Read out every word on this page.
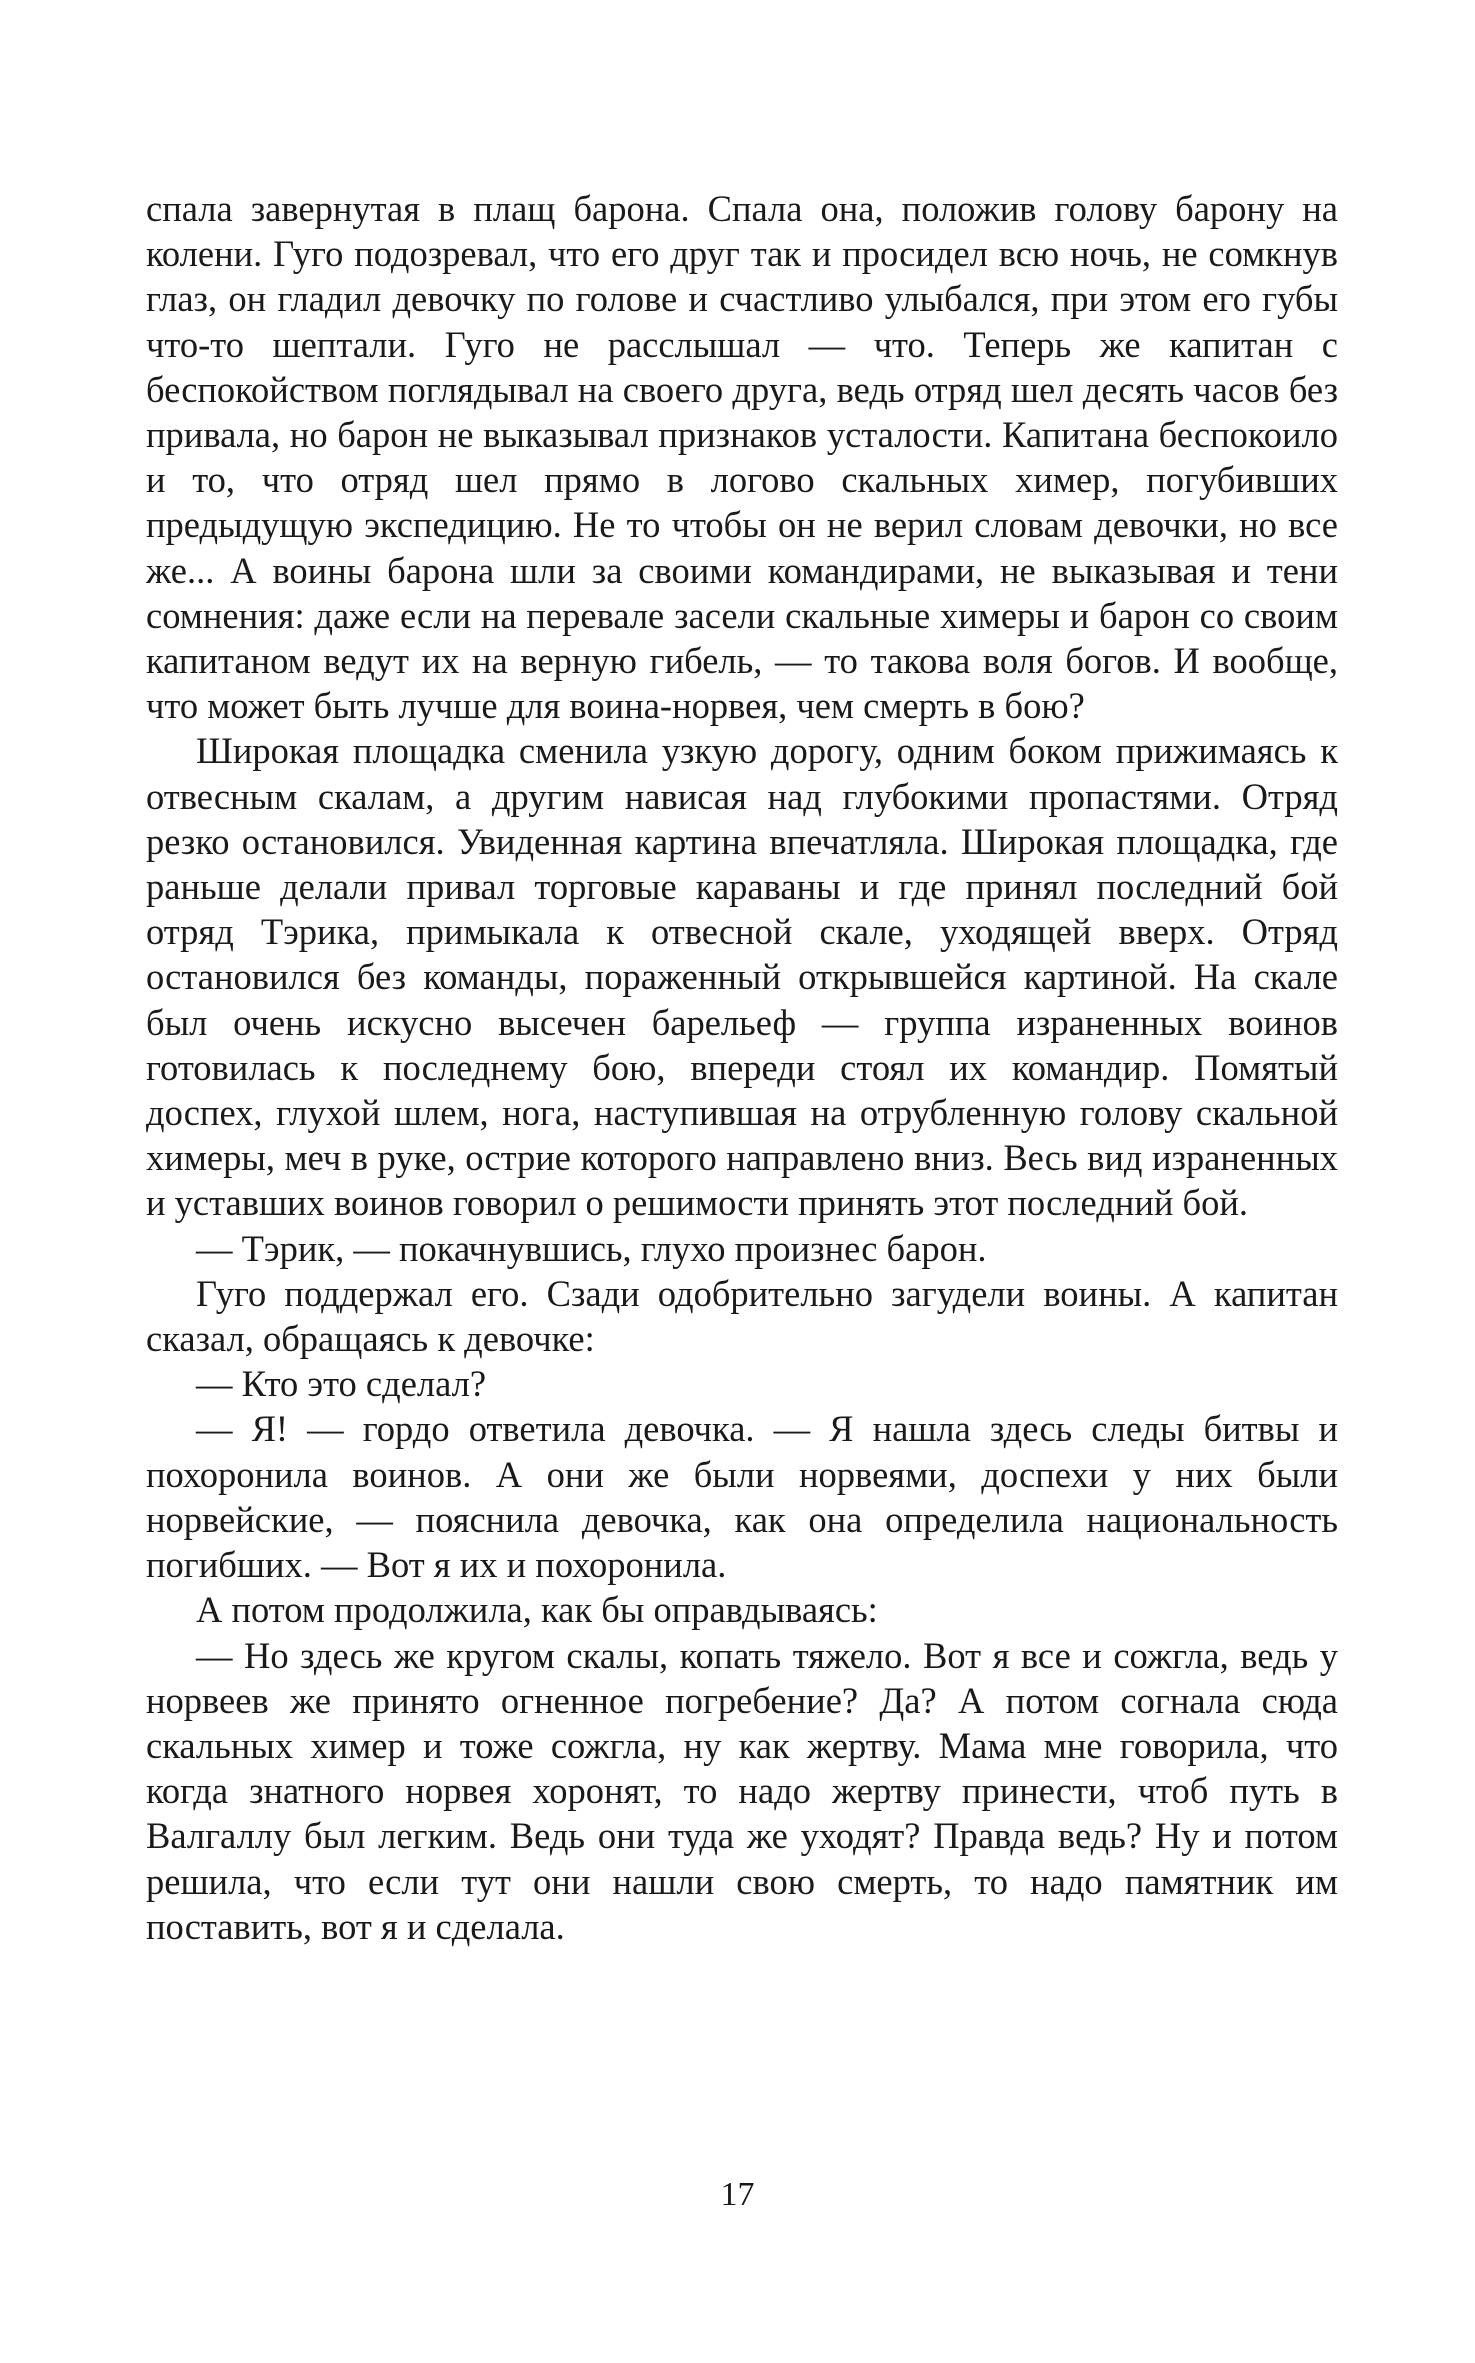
спала завернутая в плащ барона. Спала она, положив голову барону на колени. Гуго подозревал, что его друг так и просидел всю ночь, не сомкнув глаз, он гладил девочку по голове и счастливо улыбался, при этом его губы что-то шептали. Гуго не расслышал — что. Теперь же капитан с беспокойством поглядывал на своего друга, ведь отряд шел десять часов без привала, но барон не выказывал признаков усталости. Капитана беспокоило и то, что отряд шел прямо в логово скальных химер, погубивших предыдущую экспедицию. Не то чтобы он не верил словам девочки, но все же... А воины барона шли за своими командирами, не выказывая и тени сомнения: даже если на перевале засели скальные химеры и барон со своим капитаном ведут их на верную гибель, — то такова воля богов. И вообще, что может быть лучше для воина-норвея, чем смерть в бою?

Широкая площадка сменила узкую дорогу, одним боком прижимаясь к отвесным скалам, а другим нависая над глубокими пропастями. Отряд резко остановился. Увиденная картина впечатляла. Широкая площадка, где раньше делали привал торговые караваны и где принял последний бой отряд Тэрика, примыкала к отвесной скале, уходящей вверх. Отряд остановился без команды, пораженный открывшейся картиной. На скале был очень искусно высечен барельеф — группа израненных воинов готовилась к последнему бою, впереди стоял их командир. Помятый доспех, глухой шлем, нога, наступившая на отрубленную голову скальной химеры, меч в руке, острие которого направлено вниз. Весь вид израненных и уставших воинов говорил о решимости принять этот последний бой.

— Тэрик, — покачнувшись, глухо произнес барон.

Гуго поддержал его. Сзади одобрительно загудели воины. А капитан сказал, обращаясь к девочке:

— Кто это сделал?

— Я! — гордо ответила девочка. — Я нашла здесь следы битвы и похоронила воинов. А они же были норвеями, доспехи у них были норвейские, — пояснила девочка, как она определила национальность погибших. — Вот я их и похоронила.

А потом продолжила, как бы оправдываясь:

— Но здесь же кругом скалы, копать тяжело. Вот я все и сожгла, ведь у норвеев же принято огненное погребение? Да? А потом согнала сюда скальных химер и тоже сожгла, ну как жертву. Мама мне говорила, что когда знатного норвея хоронят, то надо жертву принести, чтоб путь в Валгаллу был легким. Ведь они туда же уходят? Правда ведь? Ну и потом решила, что если тут они нашли свою смерть, то надо памятник им поставить, вот я и сделала.

17
